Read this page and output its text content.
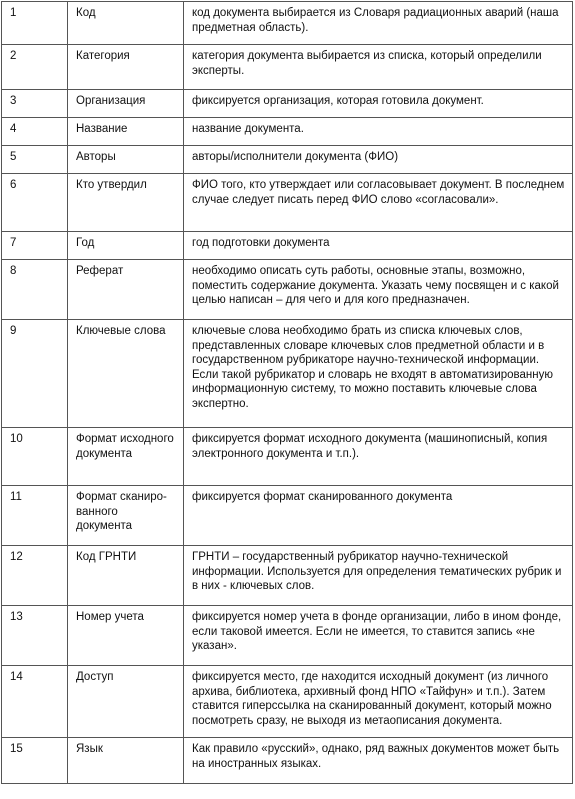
1	Код	код документа выбирается из Словаря радиационных аварий (наша предметная область).
2	Категория	категория документа выбирается из списка, который определили эксперты.
3	Организация	фиксируется организация, которая готовила документ.
4	Название	название документа.
5	Авторы	авторы/исполнители документа (ФИО)
6	Кто утвердил	ФИО того, кто утверждает или согласовывает документ. В последнем случае следует писать перед ФИО слово «согласовали».
7	Год	год подготовки документа
8	Реферат	необходимо описать суть работы, основные этапы, возможно, поместить содержание документа. Указать чему посвящен и с какой целью написан – для чего и для кого предназначен.
9	Ключевые слова	ключевые слова необходимо брать из списка ключевых слов, представленных словаре ключевых слов предметной области и в государственном рубрикаторе научно-технической информации. Если такой рубрикатор и словарь не входят в автоматизированную информационную систему, то можно поставить ключевые слова экспертно.
10	Формат исходного документа	фиксируется формат исходного документа (машинописный, копия электронного документа и т.п.).
11	Формат сканиро-ванного документа	фиксируется формат сканированного документа
12	Код ГРНТИ	ГРНТИ – государственный рубрикатор научно-технической информации. Используется для определения тематических рубрик и в них - ключевых слов.
13	Номер учета	фиксируется номер учета в фонде организации, либо в ином фонде, если таковой имеется. Если не имеется, то ставится запись «не указан».
14	Доступ	фиксируется место, где находится исходный документ (из личного архива, библиотека, архивный фонд НПО «Тайфун» и т.п.). Затем ставится гиперссылка на сканированный документ, который можно посмотреть сразу, не выходя из метаописания документа.
15	Язык	Как правило «русский», однако, ряд важных документов может быть на иностранных языках.
